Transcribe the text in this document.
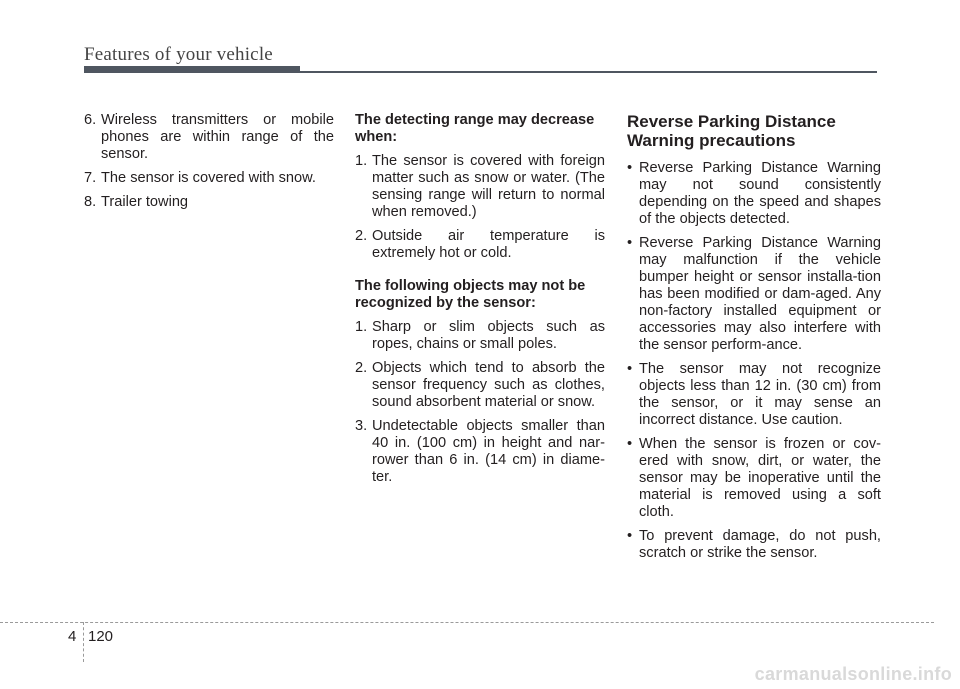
Features of your vehicle
6. Wireless transmitters or mobile phones are within range of the sensor.
7. The sensor is covered with snow.
8. Trailer towing
The detecting range may decrease when:
1. The sensor is covered with foreign matter such as snow or water. (The sensing range will return to normal when removed.)
2. Outside air temperature is extremely hot or cold.
The following objects may not be recognized by the sensor:
1. Sharp or slim objects such as ropes, chains or small poles.
2. Objects which tend to absorb the sensor frequency such as clothes, sound absorbent material or snow.
3. Undetectable objects smaller than 40 in. (100 cm) in height and nar-rower than 6 in. (14 cm) in diame-ter.
Reverse Parking Distance
Warning precautions
• Reverse Parking Distance Warning may not sound consistently depending on the speed and shapes of the objects detected.
• Reverse Parking Distance Warning may malfunction if the vehicle bumper height or sensor installa-tion has been modified or dam-aged. Any non-factory installed equipment or accessories may also interfere with the sensor perform-ance.
• The sensor may not recognize objects less than 12 in. (30 cm) from the sensor, or it may sense an incorrect distance. Use caution.
• When the sensor is frozen or cov-ered with snow, dirt, or water, the sensor may be inoperative until the material is removed using a soft cloth.
• To prevent damage, do not push, scratch or strike the sensor.
4 120
carmanualsonline.info
